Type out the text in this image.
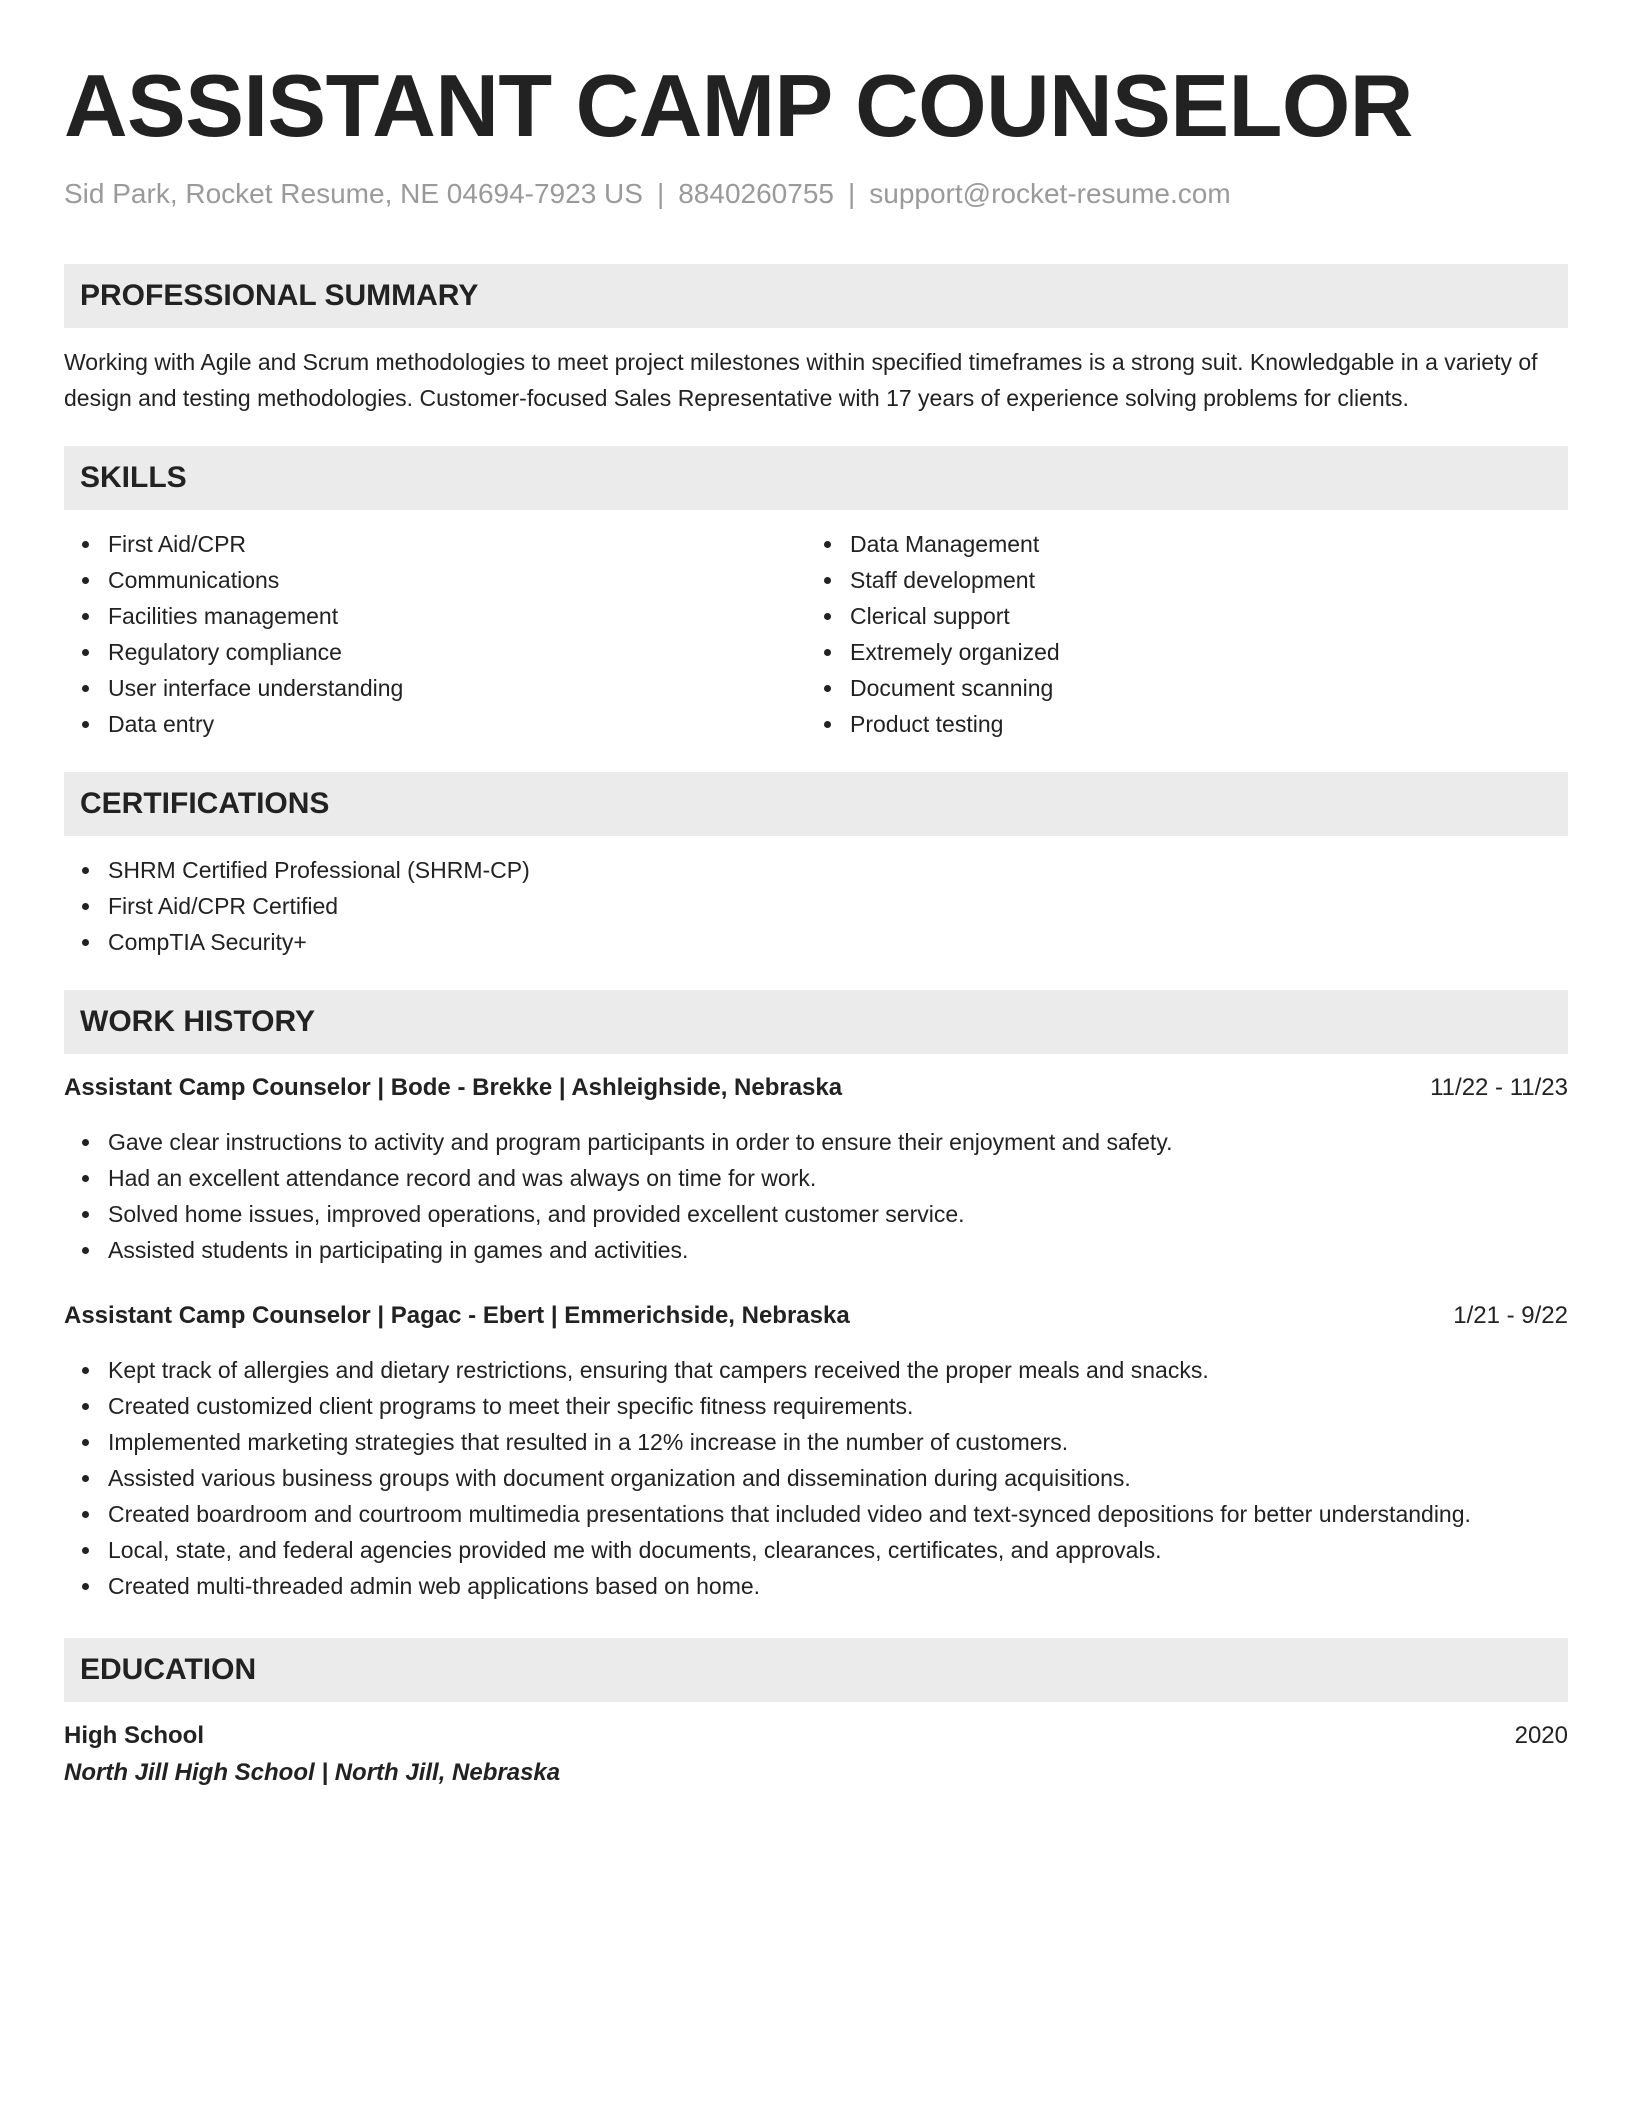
ASSISTANT CAMP COUNSELOR
Sid Park, Rocket Resume, NE 04694-7923 US | 8840260755 | support@rocket-resume.com
PROFESSIONAL SUMMARY

Working with Agile and Scrum methodologies to meet project milestones within specified timeframes is a strong suit. Knowledgable in a variety of design and testing methodologies. Customer-focused Sales Representative with 17 years of experience solving problems for clients.

SKILLS
First Aid/CPR
Communications
Facilities management
Regulatory compliance
User interface understanding
Data entry
Data Management
Staff development
Clerical support
Extremely organized
Document scanning
Product testing
CERTIFICATIONS
SHRM Certified Professional (SHRM-CP)
First Aid/CPR Certified
CompTIA Security+
WORK HISTORY
Assistant Camp Counselor | Bode - Brekke | Ashleighside, Nebraska	11/22 - 11/23
Gave clear instructions to activity and program participants in order to ensure their enjoyment and safety.
Had an excellent attendance record and was always on time for work.
Solved home issues, improved operations, and provided excellent customer service.
Assisted students in participating in games and activities.
Assistant Camp Counselor | Pagac - Ebert | Emmerichside, Nebraska	1/21 - 9/22
Kept track of allergies and dietary restrictions, ensuring that campers received the proper meals and snacks.
Created customized client programs to meet their specific fitness requirements.
Implemented marketing strategies that resulted in a 12% increase in the number of customers.
Assisted various business groups with document organization and dissemination during acquisitions.
Created boardroom and courtroom multimedia presentations that included video and text-synced depositions for better understanding.
Local, state, and federal agencies provided me with documents, clearances, certificates, and approvals.
Created multi-threaded admin web applications based on home.
EDUCATION
High School	2020
North Jill High School | North Jill, Nebraska
